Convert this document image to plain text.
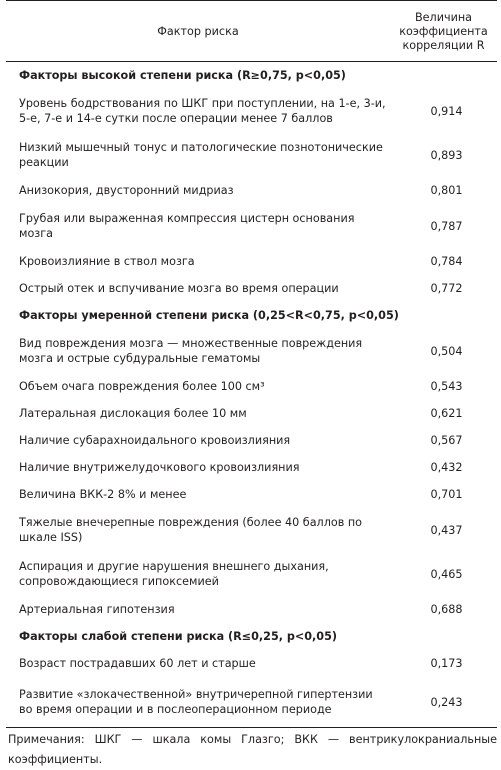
Фактор риска	Величина
коэффициента
корреляции R

Факторы высокой степени риска (R≥0,75, p<0,05)	
Уровень бодрствования по ШКГ при поступлении, на 1-е, 3-и, 5-е, 7-е и 14-е сутки после операции менее 7 баллов	0,914
Низкий мышечный тонус и патологические познотонические реакции	0,893
Анизокория, двусторонний мидриаз	0,801
Грубая или выраженная компрессия цистерн основания мозга	0,787
Кровоизлияние в ствол мозга	0,784
Острый отек и вспучивание мозга во время операции	0,772
Факторы умеренной степени риска (0,25<R<0,75, p<0,05)	
Вид повреждения мозга — множественные повреждения мозга и острые субдуральные гематомы	0,504
Объем очага повреждения более 100 см³	0,543
Латеральная дислокация более 10 мм	0,621
Наличие субарахноидального кровоизлияния	0,567
Наличие внутрижелудочкового кровоизлияния	0,432
Величина ВКК-2 8% и менее	0,701
Тяжелые внечерепные повреждения (более 40 баллов по шкале ISS)	0,437
Аспирация и другие нарушения внешнего дыхания, сопровождающиеся гипоксемией	0,465
Артериальная гипотензия	0,688
Факторы слабой степени риска (R≤0,25, p<0,05)	
Возраст пострадавших 60 лет и старше	0,173
Развитие «злокачественной» внутричерепной гипертензии во время операции и в послеоперационном периоде	0,243
Примечания: ШКГ — шкала комы Глазго; ВКК — вентрикулокраниальные коэффициенты.
